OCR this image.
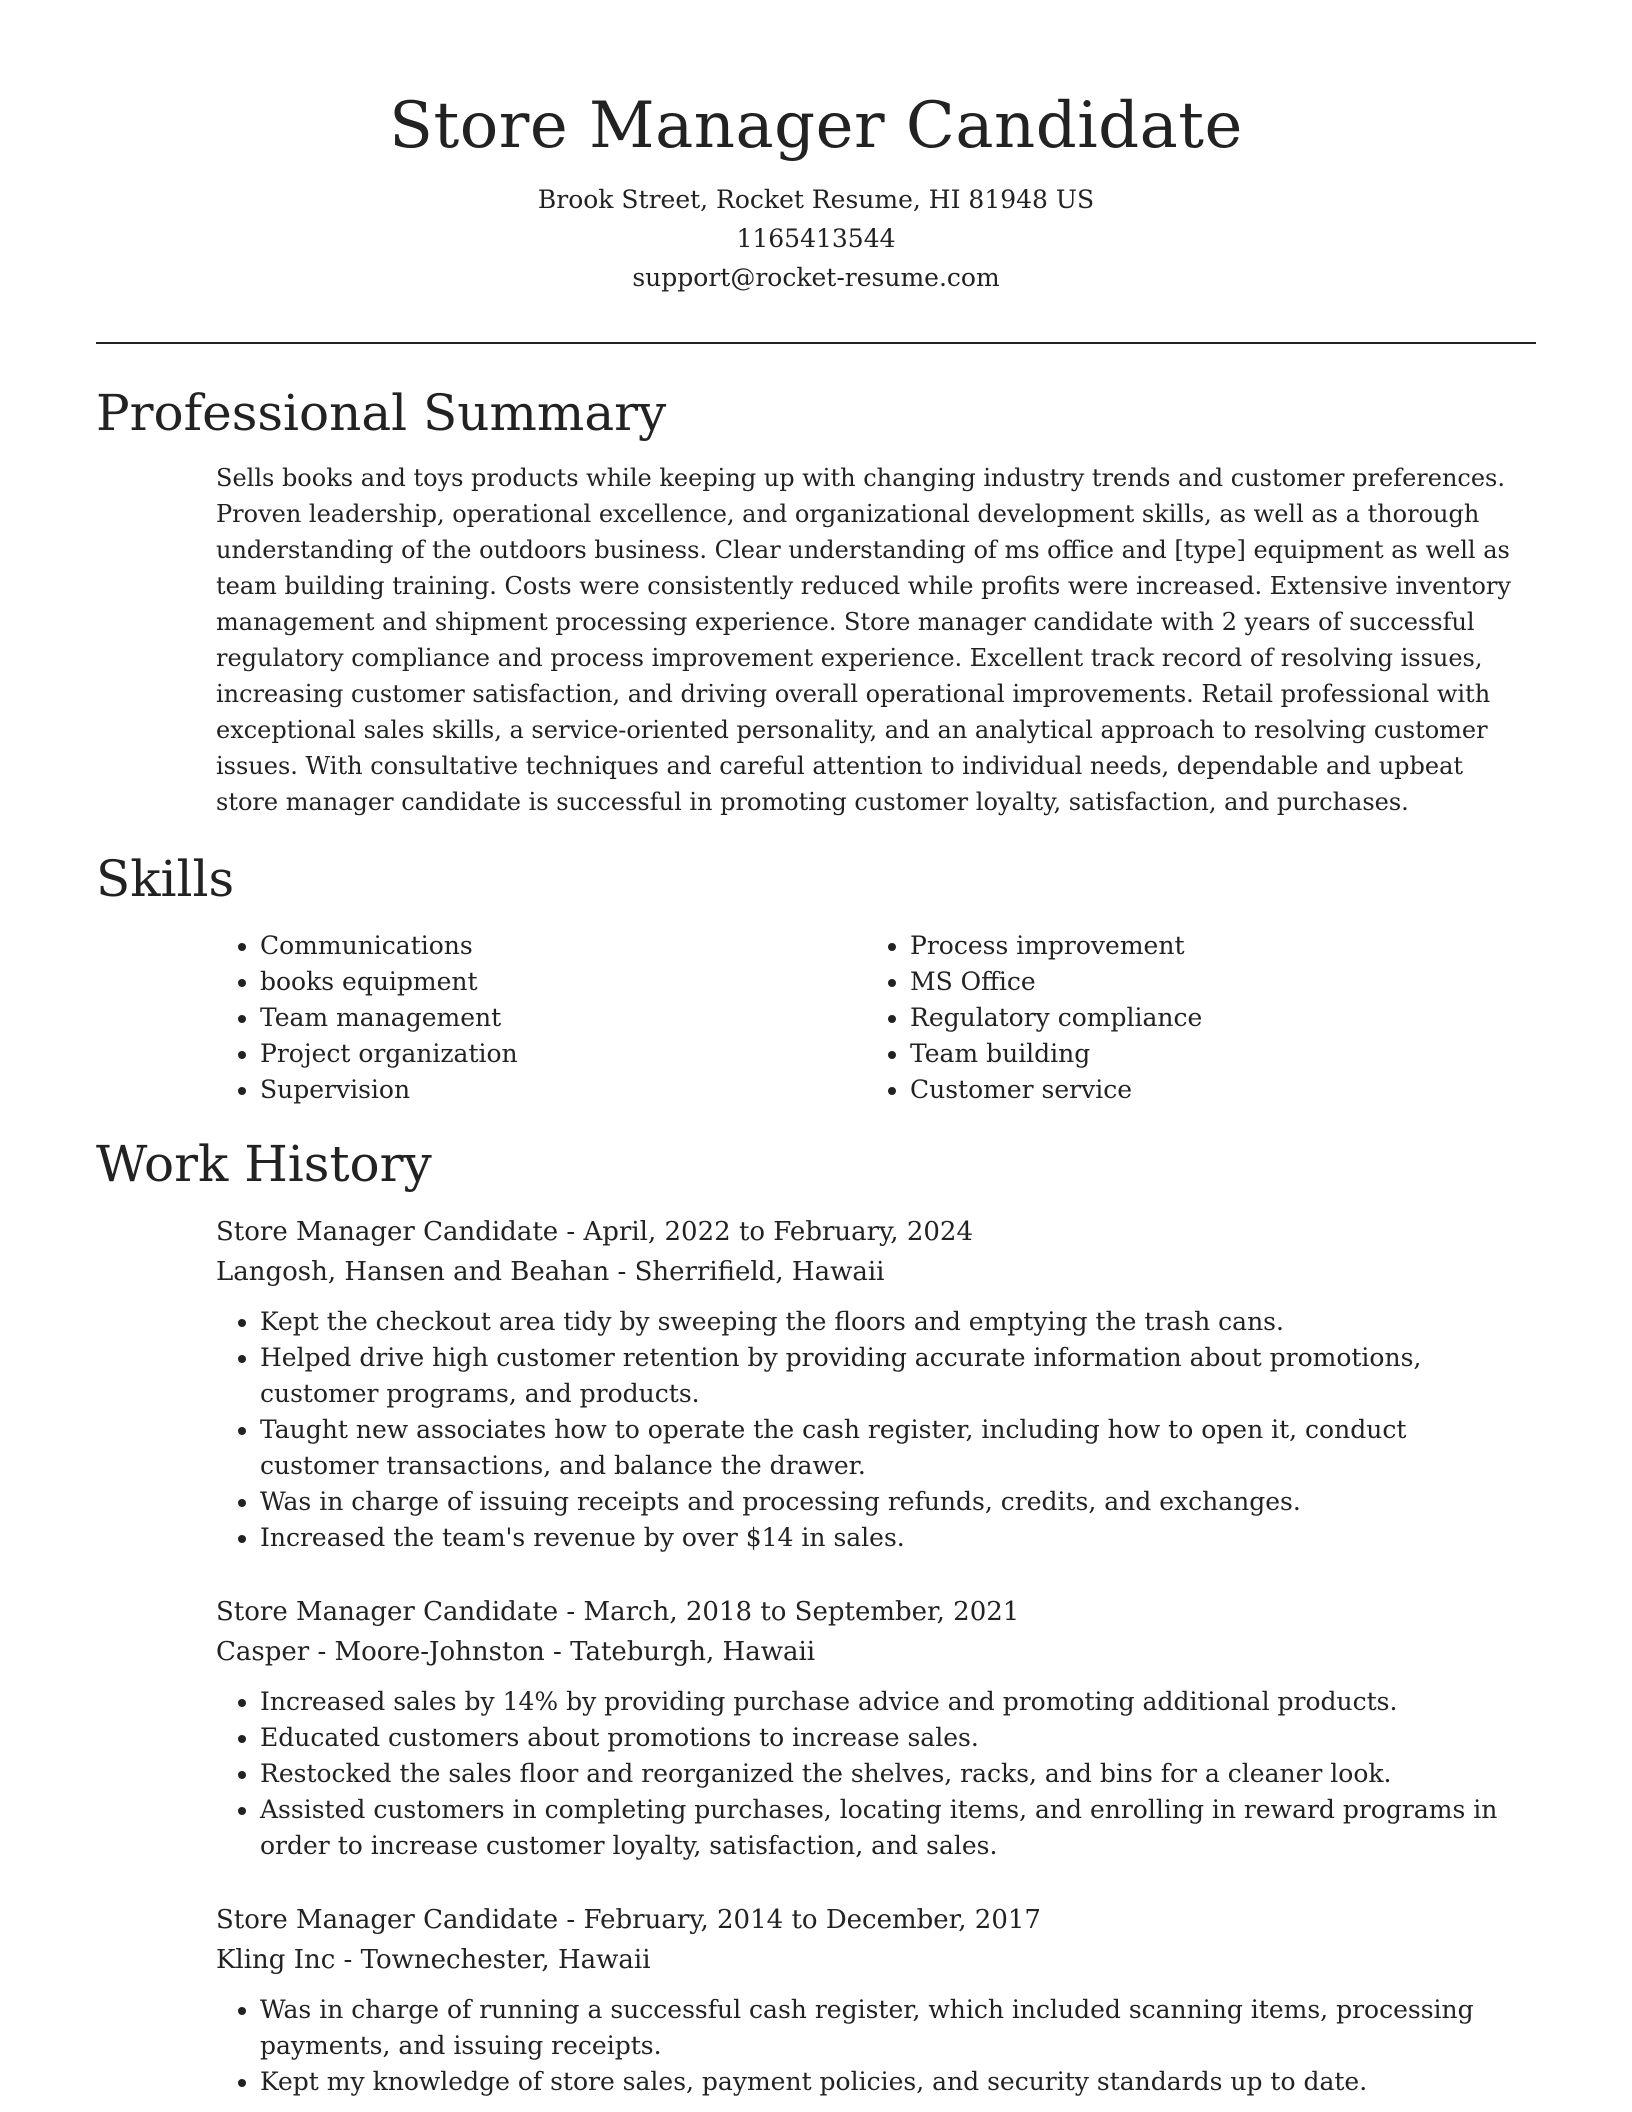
Store Manager Candidate
Brook Street, Rocket Resume, HI 81948 US
1165413544
support@rocket-resume.com
Professional Summary

Sells books and toys products while keeping up with changing industry trends and customer preferences. Proven leadership, operational excellence, and organizational development skills, as well as a thorough understanding of the outdoors business. Clear understanding of ms office and [type] equipment as well as team building training. Costs were consistently reduced while profits were increased. Extensive inventory management and shipment processing experience. Store manager candidate with 2 years of successful regulatory compliance and process improvement experience. Excellent track record of resolving issues, increasing customer satisfaction, and driving overall operational improvements. Retail professional with exceptional sales skills, a service-oriented personality, and an analytical approach to resolving customer issues. With consultative techniques and careful attention to individual needs, dependable and upbeat store manager candidate is successful in promoting customer loyalty, satisfaction, and purchases.

Skills
• Communications
• books equipment
• Team management
• Project organization
• Supervision
• Process improvement
• MS Office
• Regulatory compliance
• Team building
• Customer service
Work History
Store Manager Candidate - April, 2022 to February, 2024
Langosh, Hansen and Beahan - Sherrifield, Hawaii
• Kept the checkout area tidy by sweeping the floors and emptying the trash cans.
• Helped drive high customer retention by providing accurate information about promotions, customer programs, and products.
• Taught new associates how to operate the cash register, including how to open it, conduct customer transactions, and balance the drawer.
• Was in charge of issuing receipts and processing refunds, credits, and exchanges.
• Increased the team's revenue by over $14 in sales.
Store Manager Candidate - March, 2018 to September, 2021
Casper - Moore-Johnston - Tateburgh, Hawaii
• Increased sales by 14% by providing purchase advice and promoting additional products.
• Educated customers about promotions to increase sales.
• Restocked the sales floor and reorganized the shelves, racks, and bins for a cleaner look.
• Assisted customers in completing purchases, locating items, and enrolling in reward programs in order to increase customer loyalty, satisfaction, and sales.
Store Manager Candidate - February, 2014 to December, 2017
Kling Inc - Townechester, Hawaii
• Was in charge of running a successful cash register, which included scanning items, processing payments, and issuing receipts.
• Kept my knowledge of store sales, payment policies, and security standards up to date.
